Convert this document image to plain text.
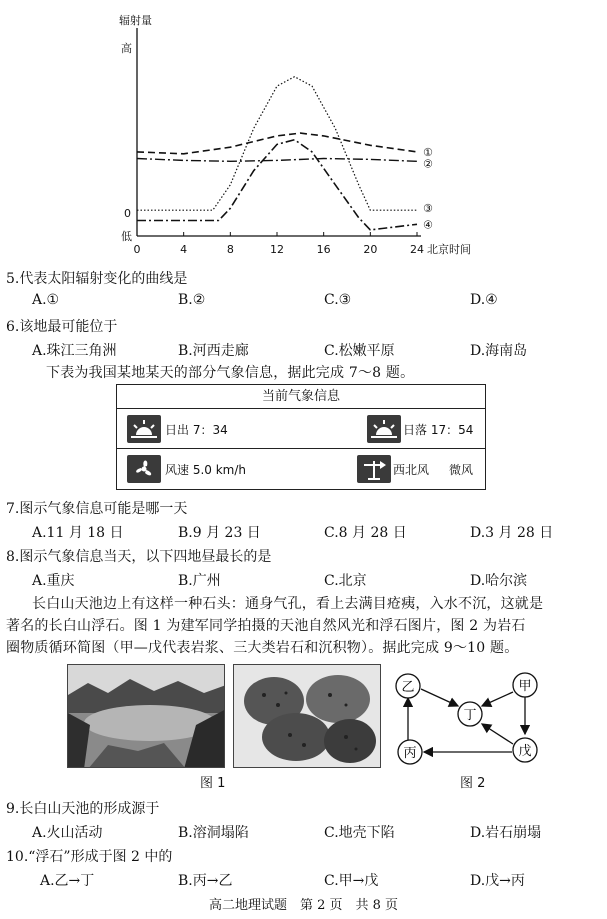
辐射量
高
0
低
0	4	8	12	16	20	24 北京时间
①
②
③
④
5.代表太阳辐射变化的曲线是
A.①	B.②	C.③	D.④
6.该地最可能位于
A.珠江三角洲	B.河西走廊	C.松嫩平原	D.海南岛
下表为我国某地某天的部分气象信息，据此完成 7～8 题。
当前气象信息
日出 7：34	日落 17：54
风速 5.0 km/h	西北风 微风
7.图示气象信息可能是哪一天
A.11 月 18 日	B.9 月 23 日	C.8 月 28 日	D.3 月 28 日
8.图示气象信息当天，以下四地昼最长的是
A.重庆	B.广州	C.北京	D.哈尔滨
长白山天池边上有这样一种石头：通身气孔，看上去满目疮痍，入水不沉，这就是
著名的长白山浮石。图 1 为建军同学拍摄的天池自然风光和浮石图片，图 2 为岩石
圈物质循环简图（甲—戊代表岩浆、三大类岩石和沉积物）。据此完成 9～10 题。
图 1
乙	甲
丁
丙	戊
图 2
9.长白山天池的形成源于
A.火山活动	B.溶洞塌陷	C.地壳下陷	D.岩石崩塌
10.“浮石”形成于图 2 中的
A.乙→丁	B.丙→乙	C.甲→戊	D.戊→丙
高二地理试题　第 2 页　共 8 页
